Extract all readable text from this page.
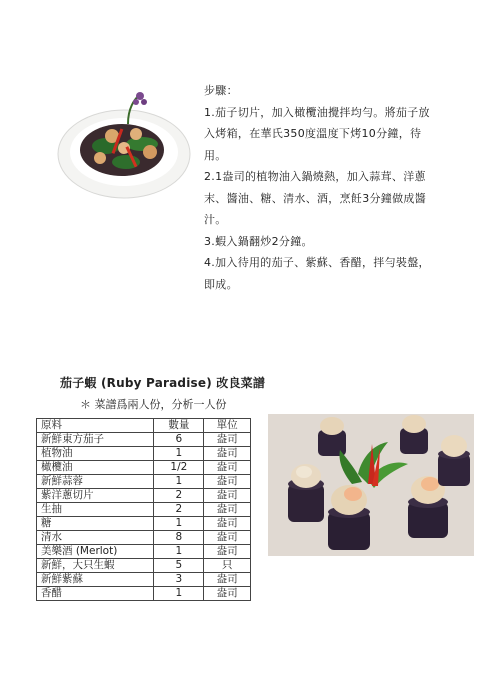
步驟：

1.茄子切片，加入橄欖油攪拌均勻。將茄子放入烤箱，在華氏350度溫度下烤10分鐘，待用。

2.1盎司的植物油入鍋燒熱，加入蒜茸、洋蔥末、醬油、糖、清水、酒，烹飪3分鐘做成醬汁。

3.蝦入鍋翻炒2分鐘。

4.加入待用的茄子、紫蘇、香醋，拌勻裝盤，即成。

茄子蝦 (Ruby Paradise) 改良菜譜
＊ 菜譜爲兩人份，分析一人份
原料	數量	單位
新鮮東方茄子	6	盎司
植物油	1	盎司
橄欖油	1/2	盎司
新鮮蒜蓉	1	盎司
紫洋蔥切片	2	盎司
生抽	2	盎司
糖	1	盎司
清水	8	盎司
美樂酒 (Merlot)	1	盎司
新鮮，大只生蝦	5	只
新鮮紫蘇	3	盎司
香醋	1	盎司
